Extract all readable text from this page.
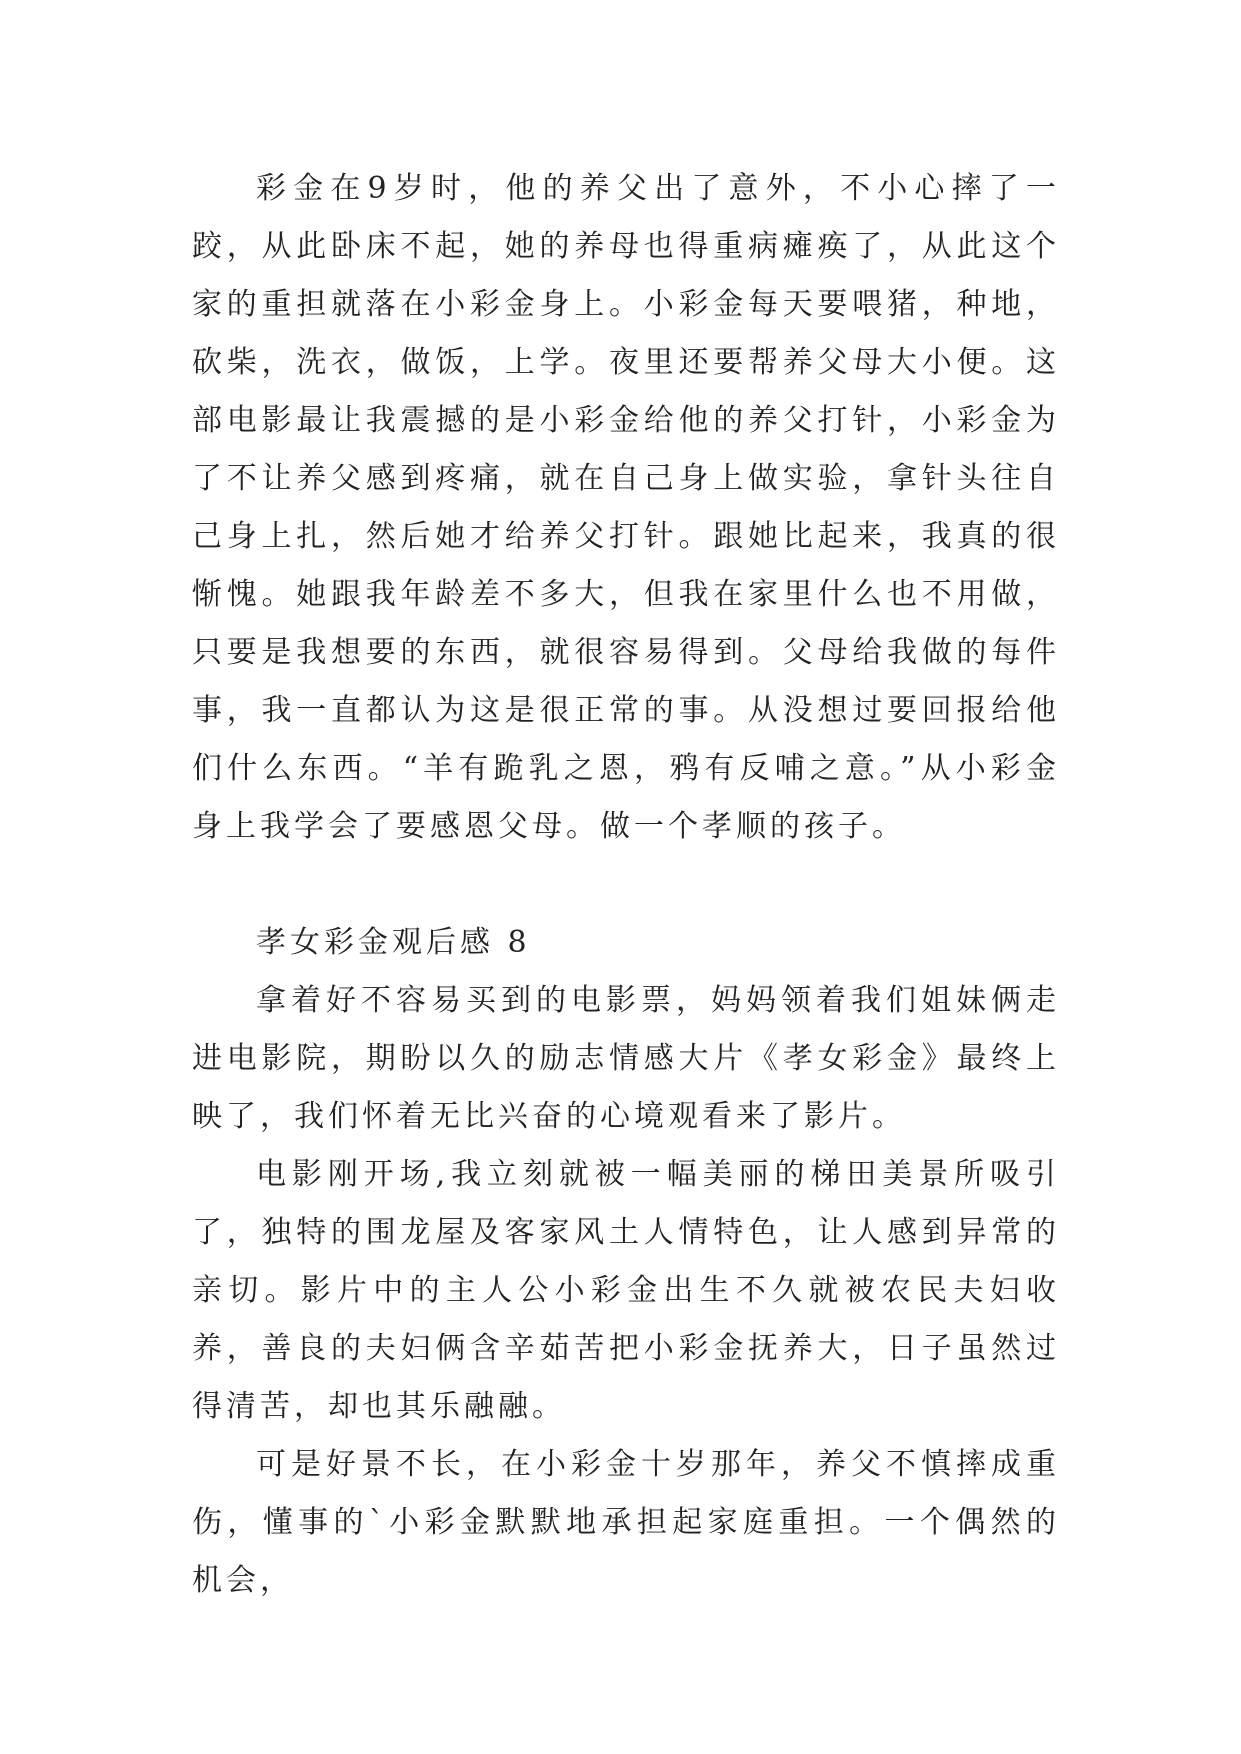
彩金在9岁时，他的养父出了意外，不小心摔了一跤，从此卧床不起，她的养母也得重病瘫痪了，从此这个家的重担就落在小彩金身上。小彩金每天要喂猪，种地，砍柴，洗衣，做饭，上学。夜里还要帮养父母大小便。这部电影最让我震撼的是小彩金给他的养父打针，小彩金为了不让养父感到疼痛，就在自己身上做实验，拿针头往自己身上扎，然后她才给养父打针。跟她比起来，我真的很惭愧。她跟我年龄差不多大，但我在家里什么也不用做，只要是我想要的东西，就很容易得到。父母给我做的每件事，我一直都认为这是很正常的事。从没想过要回报给他们什么东西。“羊有跪乳之恩，鸦有反哺之意。”从小彩金身上我学会了要感恩父母。做一个孝顺的孩子。

孝女彩金观后感 8

拿着好不容易买到的电影票，妈妈领着我们姐妹俩走进电影院，期盼以久的励志情感大片《孝女彩金》最终上映了，我们怀着无比兴奋的心境观看来了影片。

电影刚开场,我立刻就被一幅美丽的梯田美景所吸引了，独特的围龙屋及客家风土人情特色，让人感到异常的亲切。影片中的主人公小彩金出生不久就被农民夫妇收养，善良的夫妇俩含辛茹苦把小彩金抚养大，日子虽然过得清苦，却也其乐融融。

可是好景不长，在小彩金十岁那年，养父不慎摔成重伤，懂事的`小彩金默默地承担起家庭重担。一个偶然的机会，
